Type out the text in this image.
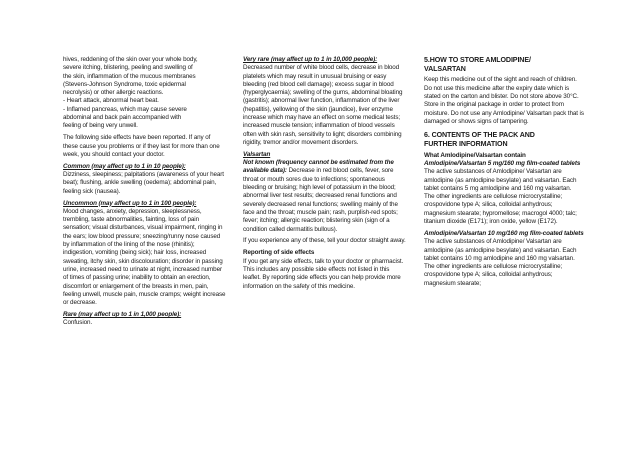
hives, reddening of the skin over your whole body,
severe itching, blistering, peeling and swelling of
the skin, inflammation of the mucous membranes
(Stevens-Johnson Syndrome, toxic epidermal
necrolysis) or other allergic reactions.
- Heart attack, abnormal heart beat.
- Inflamed pancreas, which may cause severe
abdominal and back pain accompanied with
feeling of being very unwell.

The following side effects have been reported. If any of these cause you problems or if they last for more than one week, you should contact your doctor.

Common (may affect up to 1 in 10 people):
Dizziness, sleepiness; palpitations (awareness of your heart beat); flushing, ankle swelling (oedema); abdominal pain, feeling sick (nausea).

Uncommon (may affect up to 1 in 100 people):
Mood changes, anxiety, depression, sleeplessness, trembling, taste abnormalities, fainting, loss of pain sensation; visual disturbances, visual impairment, ringing in the ears; low blood pressure; sneezing/runny nose caused by inflammation of the lining of the nose (rhinitis); indigestion, vomiting (being sick); hair loss, increased sweating, itchy skin, skin discolouration; disorder in passing urine, increased need to urinate at night, increased number of times of passing urine; inability to obtain an erection, discomfort or enlargement of the breasts in men, pain, feeling unwell, muscle pain, muscle cramps; weight increase or decrease.

Rare (may affect up to 1 in 1,000 people):
Confusion.

Very rare (may affect up to 1 in 10,000 people): Decreased number of white blood cells, decrease in blood platelets which may result in unusual bruising or easy bleeding (red blood cell damage); excess sugar in blood (hyperglycaemia); swelling of the gums, abdominal bloating (gastritis); abnormal liver function, inflammation of the liver (hepatitis), yellowing of the skin (jaundice), liver enzyme increase which may have an effect on some medical tests; increased muscle tension; inflammation of blood vessels often with skin rash, sensitivity to light; disorders combining rigidity, tremor and/or movement disorders.

Valsartan
Not known (frequency cannot be estimated from the available data): Decrease in red blood cells, fever, sore throat or mouth sores due to infections; spontaneous bleeding or bruising; high level of potassium in the blood; abnormal liver test results; decreased renal functions and severely decreased renal functions; swelling mainly of the face and the throat; muscle pain; rash, purplish-red spots; fever; itching; allergic reaction; blistering skin (sign of a condition called dermatitis bullous).

If you experience any of these, tell your doctor straight away.

Reporting of side effects
If you get any side effects, talk to your doctor or pharmacist. This includes any possible side effects not listed in this leaflet. By reporting side effects you can help provide more information on the safety of this medicine.

5.HOW TO STORE AMLODIPINE/
VALSARTAN

Keep this medicine out of the sight and reach of children. Do not use this medicine after the expiry date which is stated on the carton and blister. Do not store above 30°C. Store in the original package in order to protect from moisture. Do not use any Amlodipine/ Valsartan pack that is damaged or shows signs of tampering.

6. CONTENTS OF THE PACK AND
FURTHER INFORMATION

What Amlodipine/Valsartan contain
Amlodipine/Valsartan 5 mg/160 mg film-coated tablets
The active substances of Amlodipine/ Valsartan are amlodipine (as amlodipine besylate) and valsartan. Each tablet contains 5 mg amlodipine and 160 mg valsartan.
The other ingredients are cellulose microcrystalline; crospovidone type A; silica, colloidal anhydrous; magnesium stearate; hypromellose; macrogol 4000; talc; titanium dioxide (E171); iron oxide, yellow (E172).

Amlodipine/Valsartan 10 mg/160 mg film-coated tablets
The active substances of Amlodipine/ Valsartan are amlodipine (as amlodipine besylate) and valsartan. Each tablet contains 10 mg amlodipine and 160 mg valsartan.
The other ingredients are cellulose microcrystalline; crospovidone type A; silica, colloidal anhydrous; magnesium stearate;
